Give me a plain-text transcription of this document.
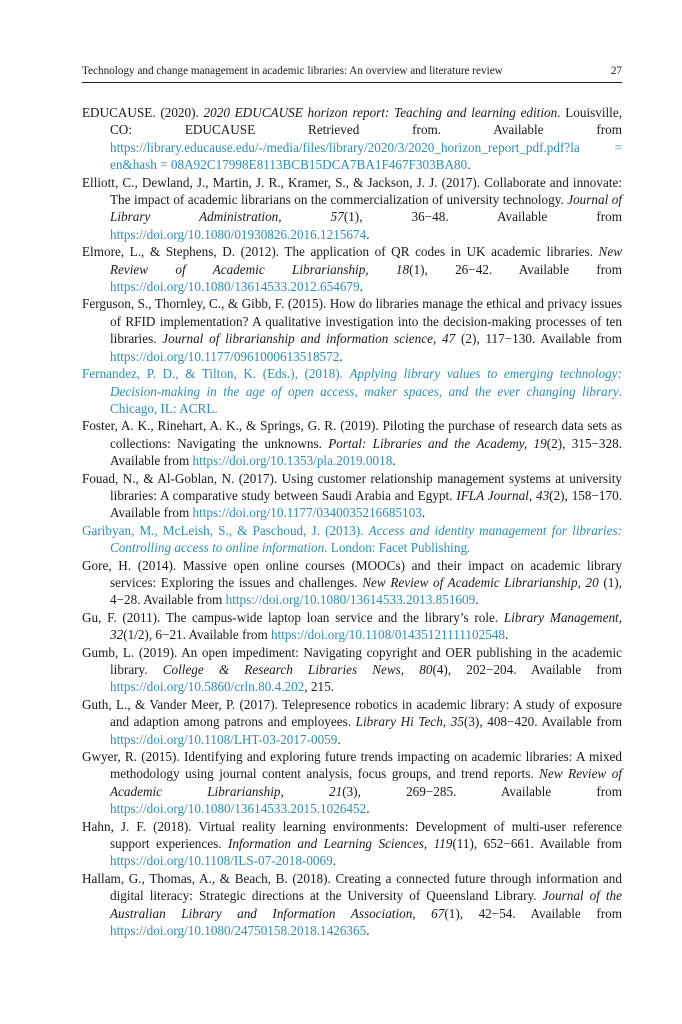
Technology and change management in academic libraries: An overview and literature review	27

EDUCAUSE. (2020). 2020 EDUCAUSE horizon report: Teaching and learning edition. Louisville, CO: EDUCAUSE Retrieved from. Available from https://library.educause.edu/-/media/files/library/2020/3/2020_horizon_report_pdf.pdf?la = en&hash = 08A92C17998E8113BCB15DCA7BA1F467F303BA80.

Elliott, C., Dewland, J., Martin, J. R., Kramer, S., & Jackson, J. J. (2017). Collaborate and innovate: The impact of academic librarians on the commercialization of university technology. Journal of Library Administration, 57(1), 36−48. Available from https://doi.org/10.1080/01930826.2016.1215674.

Elmore, L., & Stephens, D. (2012). The application of QR codes in UK academic libraries. New Review of Academic Librarianship, 18(1), 26−42. Available from https://doi.org/10.1080/13614533.2012.654679.

Ferguson, S., Thornley, C., & Gibb, F. (2015). How do libraries manage the ethical and privacy issues of RFID implementation? A qualitative investigation into the decision-making processes of ten libraries. Journal of librarianship and information science, 47 (2), 117−130. Available from https://doi.org/10.1177/0961000613518572.

Fernandez, P. D., & Tilton, K. (Eds.), (2018). Applying library values to emerging technology: Decision-making in the age of open access, maker spaces, and the ever changing library. Chicago, IL: ACRL.

Foster, A. K., Rinehart, A. K., & Springs, G. R. (2019). Piloting the purchase of research data sets as collections: Navigating the unknowns. Portal: Libraries and the Academy, 19(2), 315−328. Available from https://doi.org/10.1353/pla.2019.0018.

Fouad, N., & Al-Goblan, N. (2017). Using customer relationship management systems at university libraries: A comparative study between Saudi Arabia and Egypt. IFLA Journal, 43(2), 158−170. Available from https://doi.org/10.1177/0340035216685103.

Garibyan, M., McLeish, S., & Paschoud, J. (2013). Access and identity management for libraries: Controlling access to online information. London: Facet Publishing.

Gore, H. (2014). Massive open online courses (MOOCs) and their impact on academic library services: Exploring the issues and challenges. New Review of Academic Librarianship, 20 (1), 4−28. Available from https://doi.org/10.1080/13614533.2013.851609.

Gu, F. (2011). The campus-wide laptop loan service and the library’s role. Library Management, 32(1/2), 6−21. Available from https://doi.org/10.1108/01435121111102548.

Gumb, L. (2019). An open impediment: Navigating copyright and OER publishing in the academic library. College & Research Libraries News, 80(4), 202−204. Available from https://doi.org/10.5860/crln.80.4.202, 215.

Guth, L., & Vander Meer, P. (2017). Telepresence robotics in academic library: A study of exposure and adaption among patrons and employees. Library Hi Tech, 35(3), 408−420. Available from https://doi.org/10.1108/LHT-03-2017-0059.

Gwyer, R. (2015). Identifying and exploring future trends impacting on academic libraries: A mixed methodology using journal content analysis, focus groups, and trend reports. New Review of Academic Librarianship, 21(3), 269−285. Available from https://doi.org/10.1080/13614533.2015.1026452.

Hahn, J. F. (2018). Virtual reality learning environments: Development of multi-user reference support experiences. Information and Learning Sciences, 119(11), 652−661. Available from https://doi.org/10.1108/ILS-07-2018-0069.

Hallam, G., Thomas, A., & Beach, B. (2018). Creating a connected future through information and digital literacy: Strategic directions at the University of Queensland Library. Journal of the Australian Library and Information Association, 67(1), 42−54. Available from https://doi.org/10.1080/24750158.2018.1426365.
